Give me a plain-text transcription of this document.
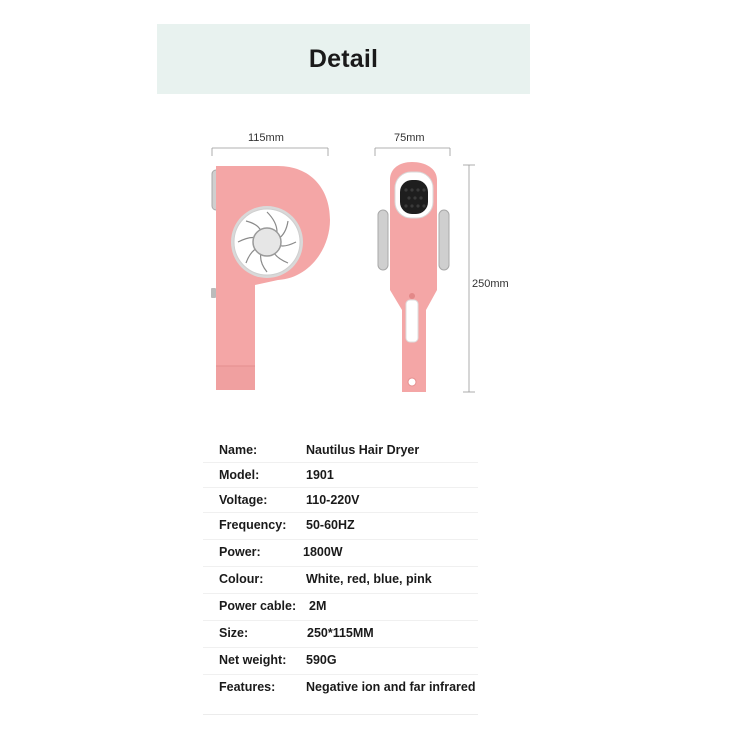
Detail
115mm	75mm
250mm
Name:	Nautilus Hair Dryer
Model:	1901
Voltage:	110-220V
Frequency: 50-60HZ
Power:	1800W
Colour:	White, red, blue, pink
Power cable: 2M
Size:	250*115MM
Net weight: 590G
Features: Negative ion and far infrared
